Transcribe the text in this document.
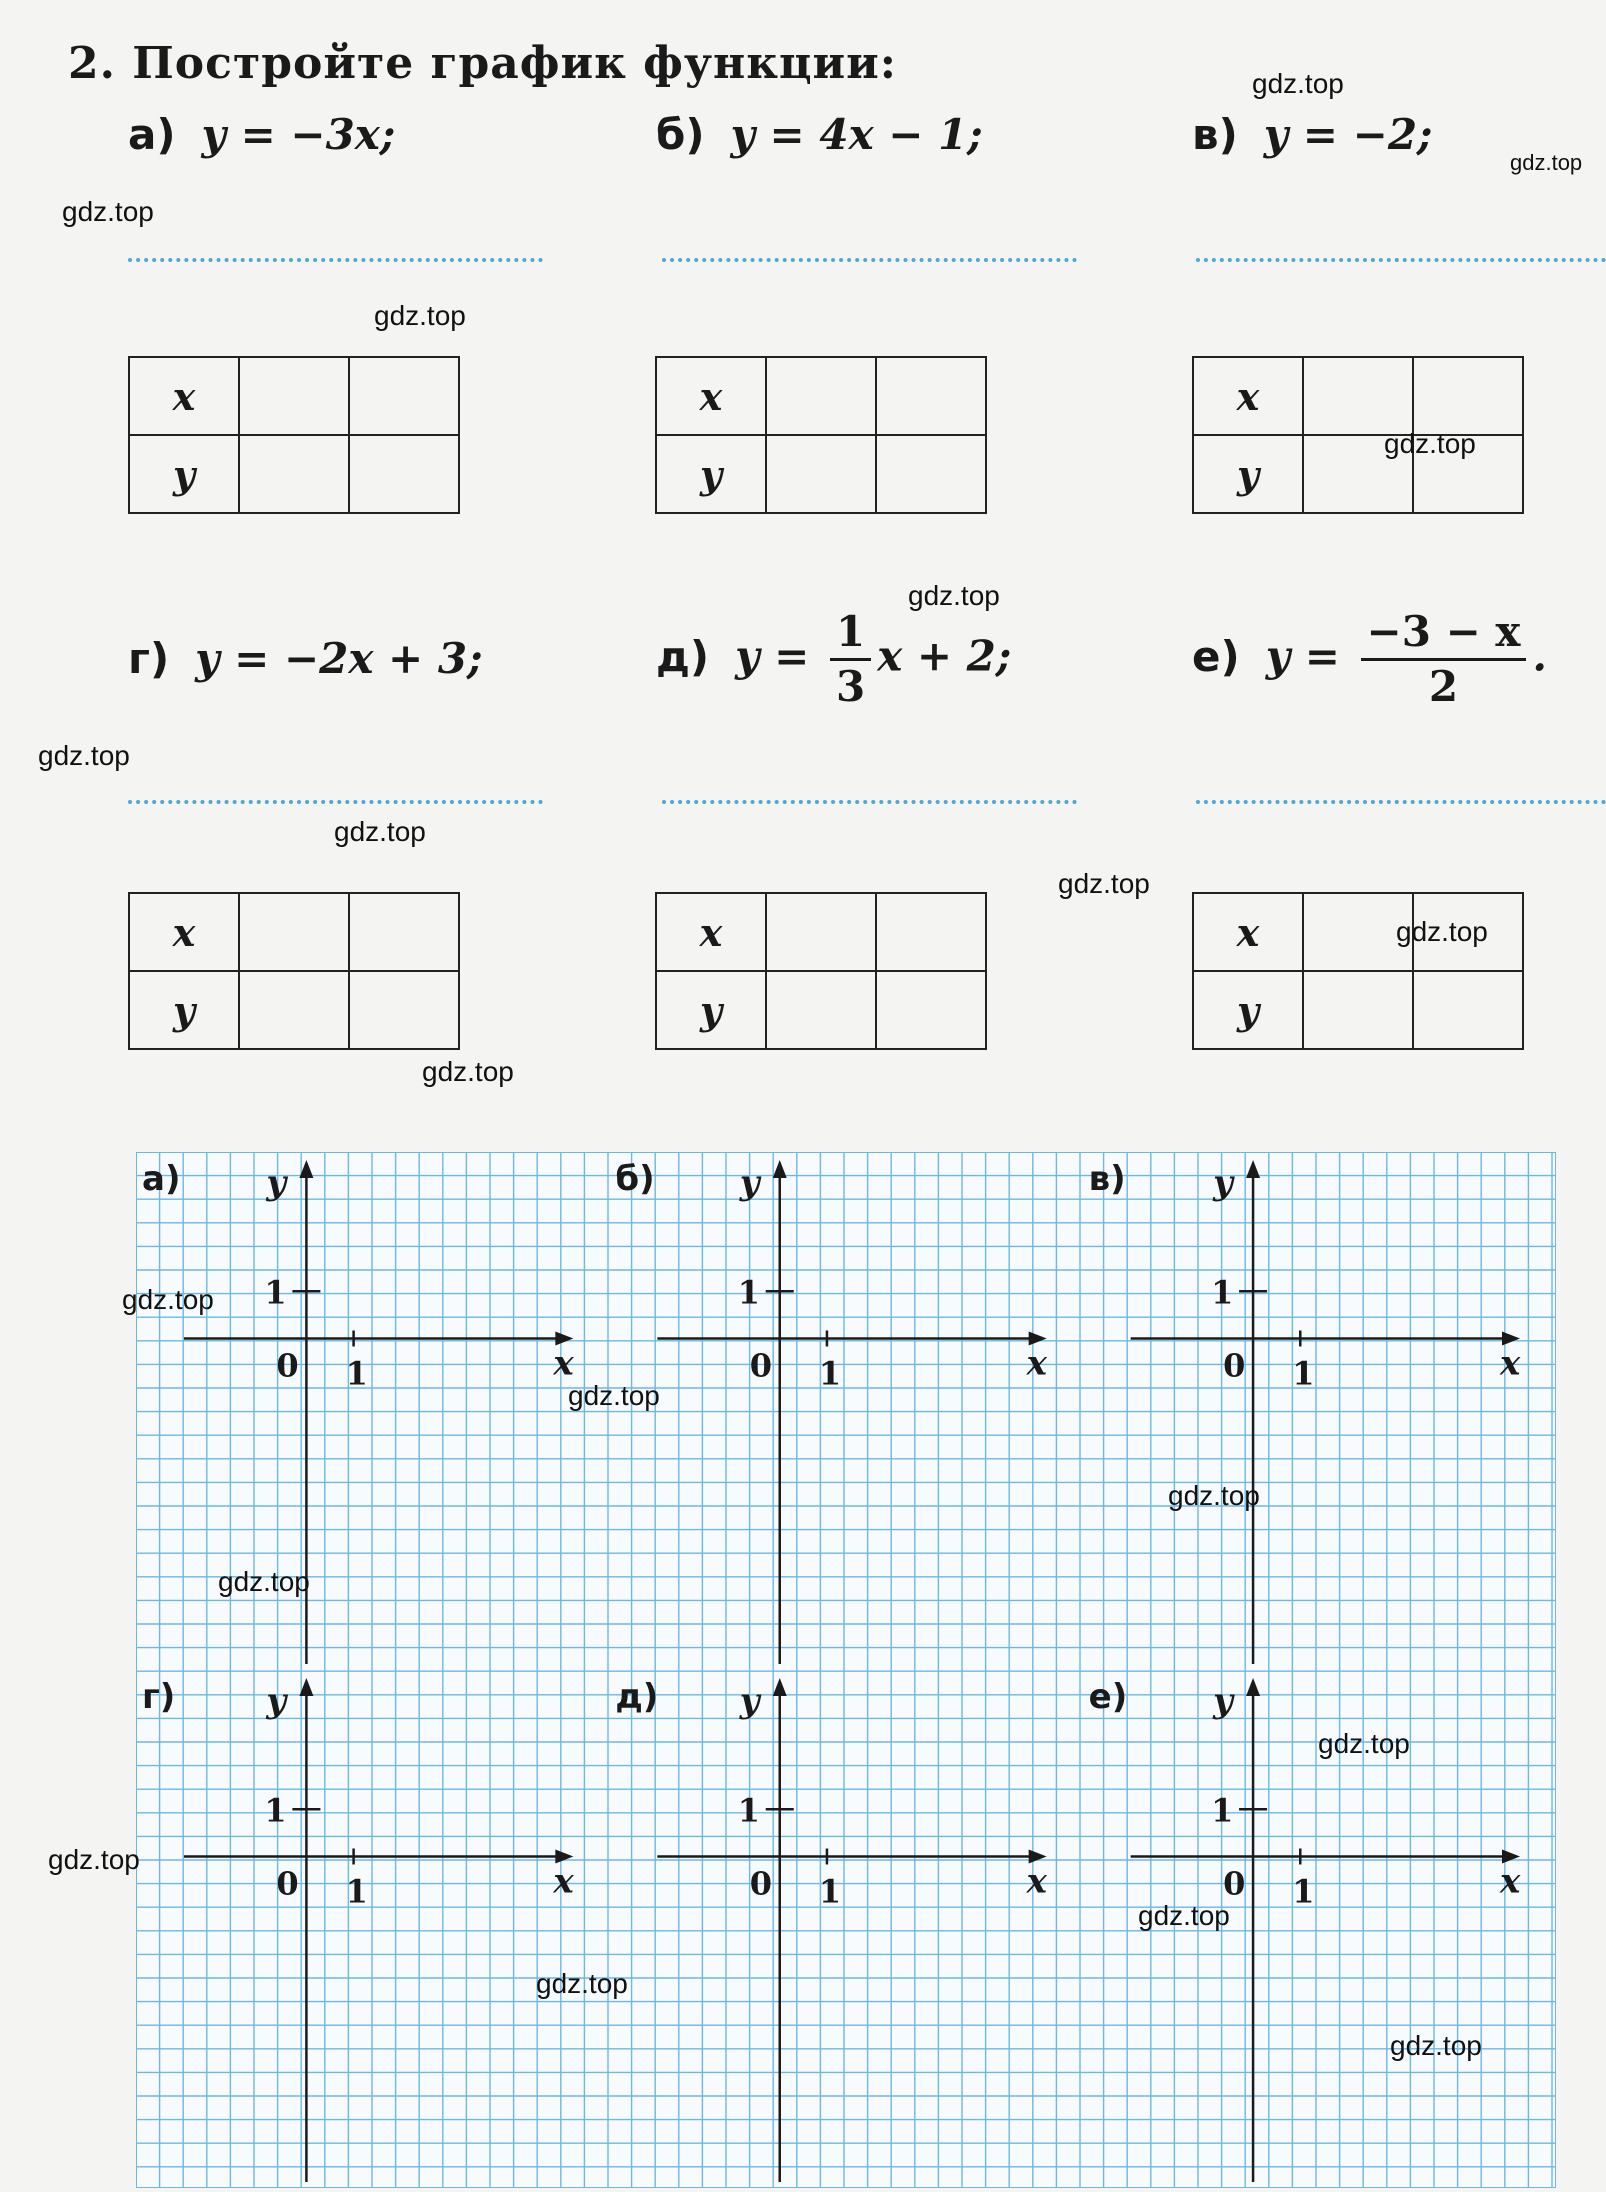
2. Постройте график функции:
а) y = −3x;	б) y = 4x − 1;	в) y = −2;
x		
y		
x		
y		
x		
y		
г) y = −2x + 3;	д) $y = \frac{1}{3}$ x + 2;	е) $y = \frac{-3 - x}{2}$ .
x		
y		
x		
y		
x		
y		
а)
x
y
0 1
1
б)
x
y
0 1
1
в)
x
y
0 1
1
г)
x
y
0 1
1
д)
x
y
0 1
1
е)
x
y
0 1
1
gdz.top
gdz.top
gdz.top
gdz.top
gdz.top
gdz.top
gdz.top
gdz.top
gdz.top
gdz.top
gdz.top
gdz.top
gdz.top
gdz.top
gdz.top
gdz.top
gdz.top
gdz.top
gdz.top
gdz.top
